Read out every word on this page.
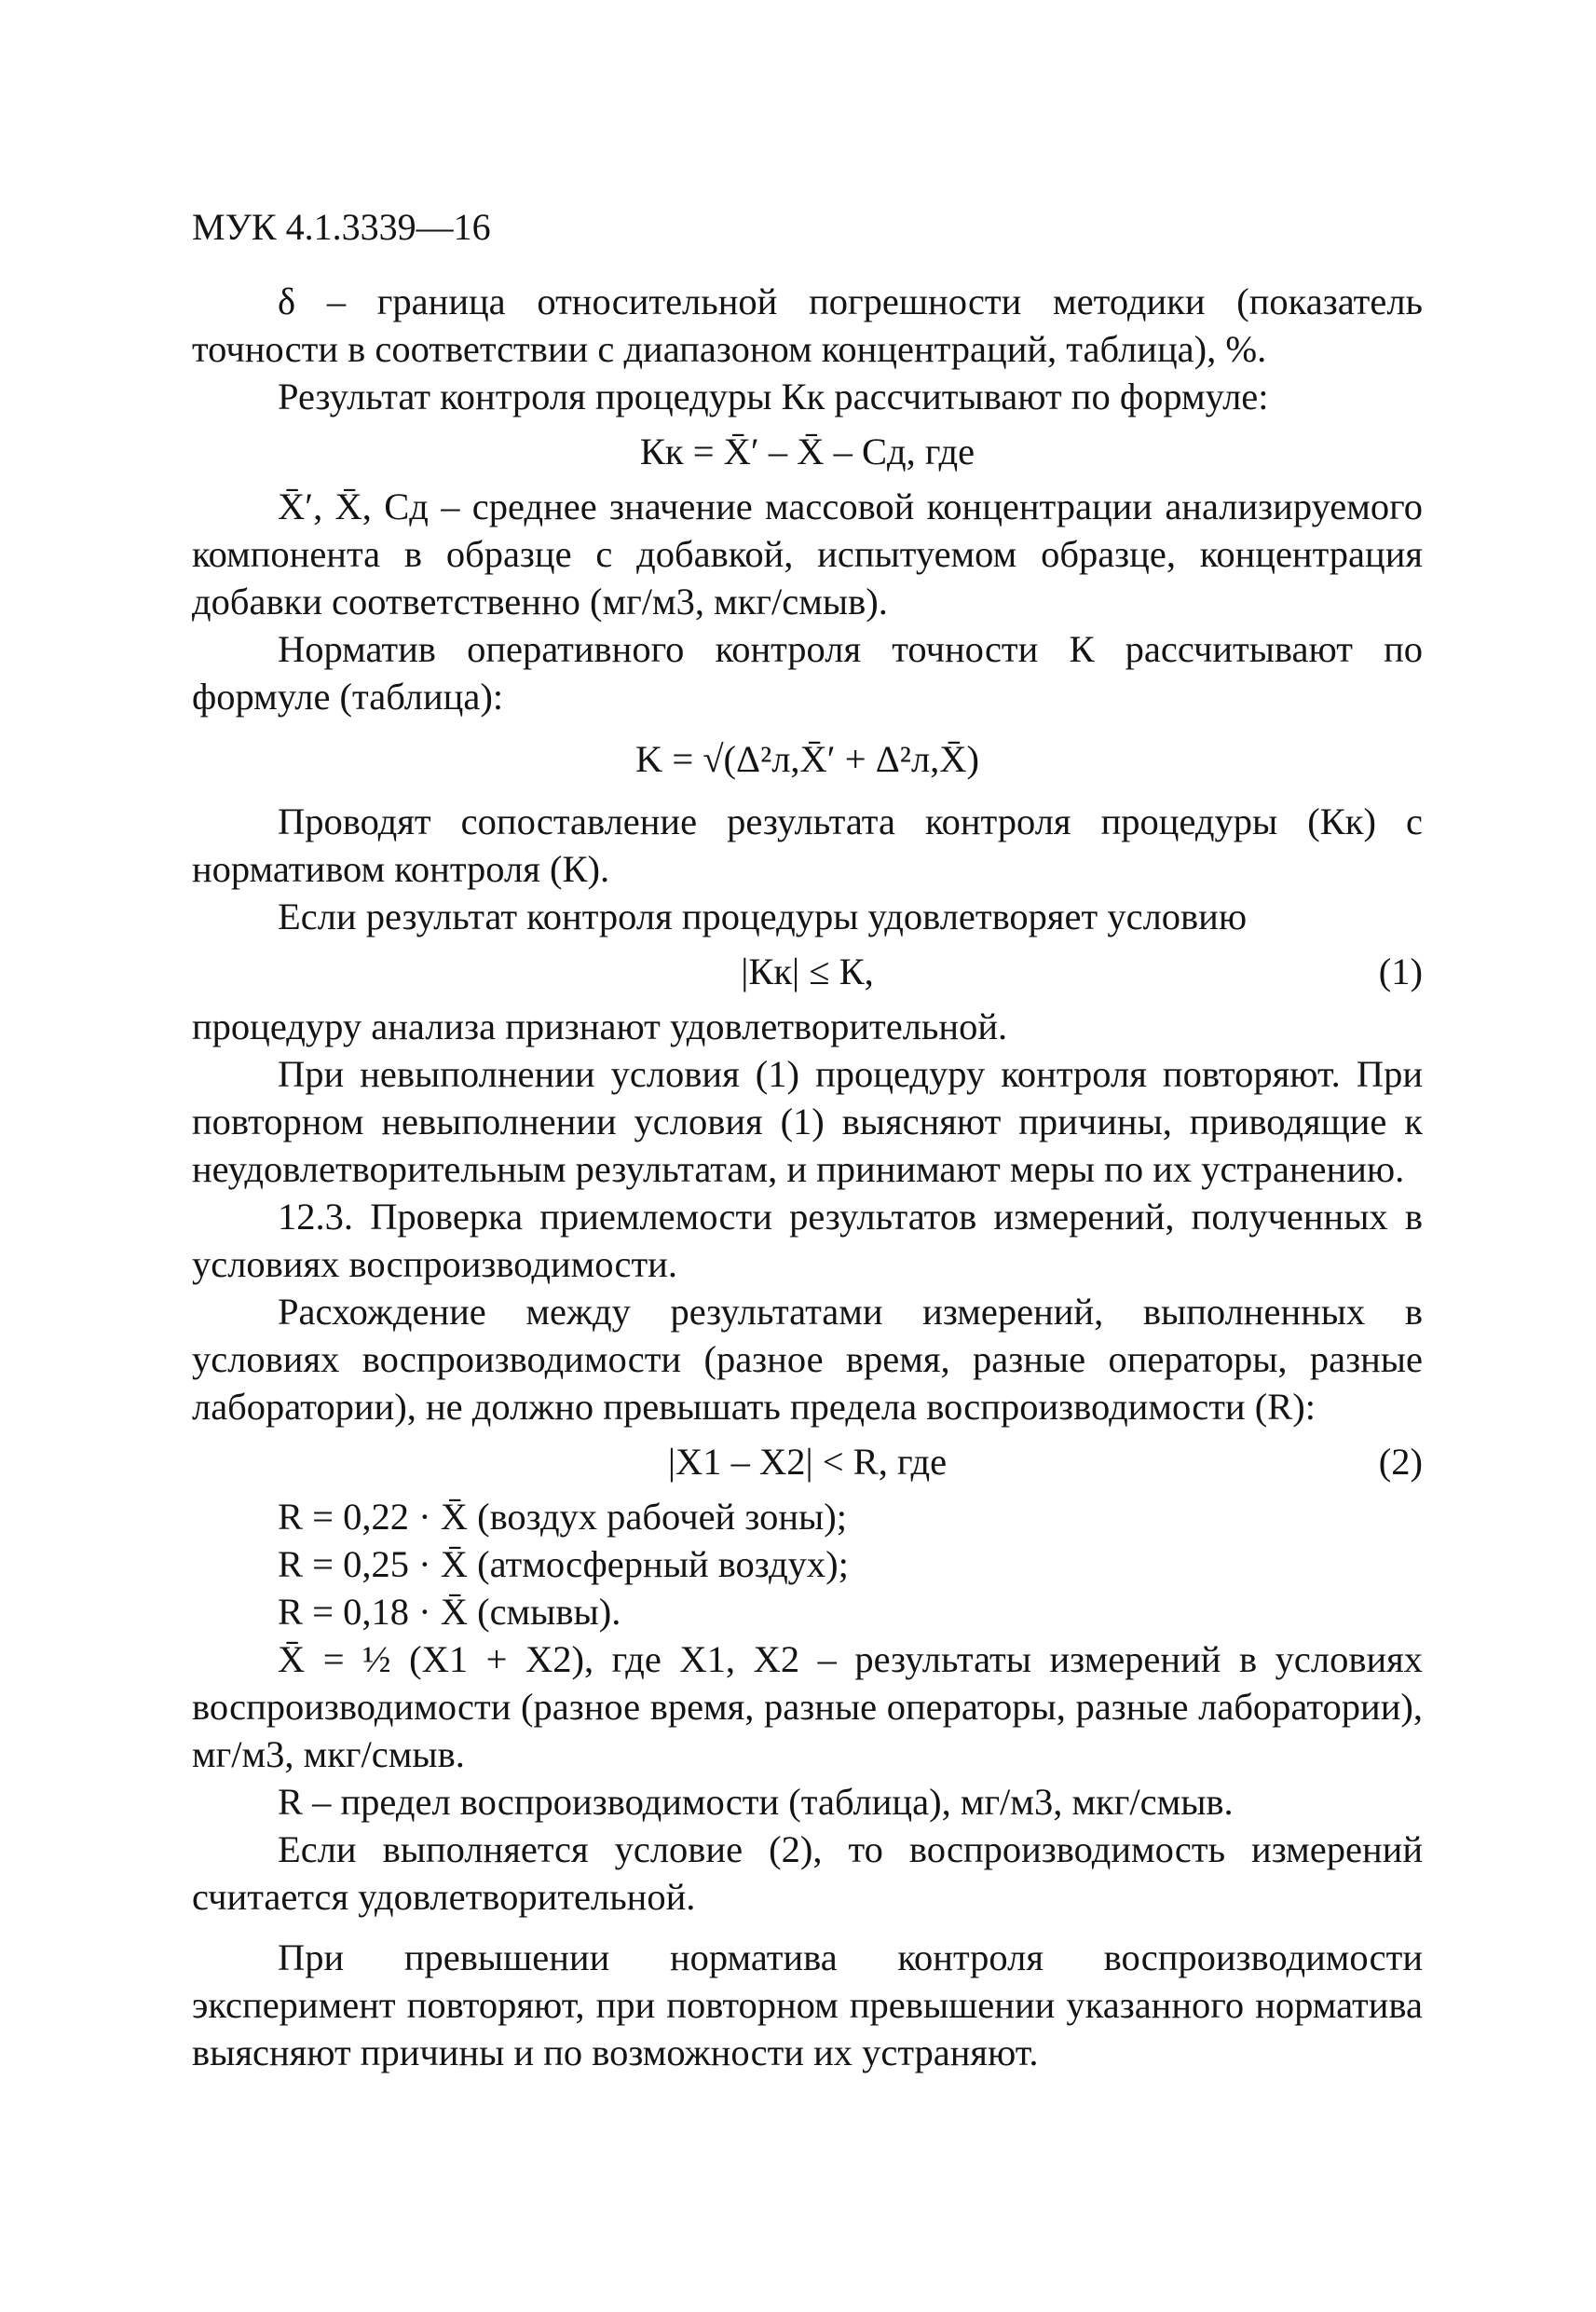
МУК 4.1.3339—16

δ – граница относительной погрешности методики (показатель точности в соответствии с диапазоном концентраций, таблица), %.

Результат контроля процедуры Кк рассчитывают по формуле:

Кк = X̄′ – X̄ – Cд, где

X̄′, X̄, Cд – среднее значение массовой концентрации анализируемого компонента в образце с добавкой, испытуемом образце, концентрация добавки соответственно (мг/м3, мкг/смыв).

Норматив оперативного контроля точности К рассчитывают по формуле (таблица):

K = √(Δ²л,X̄′ + Δ²л,X̄)

Проводят сопоставление результата контроля процедуры (Кк) с нормативом контроля (К).

Если результат контроля процедуры удовлетворяет условию

|Кк| ≤ К,	(1)

процедуру анализа признают удовлетворительной.

При невыполнении условия (1) процедуру контроля повторяют. При повторном невыполнении условия (1) выясняют причины, приводящие к неудовлетворительным результатам, и принимают меры по их устранению.

12.3. Проверка приемлемости результатов измерений, полученных в условиях воспроизводимости.

Расхождение между результатами измерений, выполненных в условиях воспроизводимости (разное время, разные операторы, разные лаборатории), не должно превышать предела воспроизводимости (R):

|X1 – X2| < R, где	(2)
R = 0,22 · X̄ (воздух рабочей зоны);
R = 0,25 · X̄ (атмосферный воздух);
R = 0,18 · X̄ (смывы).

X̄ = ½ (X1 + X2), где X1, X2 – результаты измерений в условиях воспроизводимости (разное время, разные операторы, разные лаборатории), мг/м3, мкг/смыв.

R – предел воспроизводимости (таблица), мг/м3, мкг/смыв.

Если выполняется условие (2), то воспроизводимость измерений считается удовлетворительной.

При превышении норматива контроля воспроизводимости эксперимент повторяют, при повторном превышении указанного норматива выясняют причины и по возможности их устраняют.
